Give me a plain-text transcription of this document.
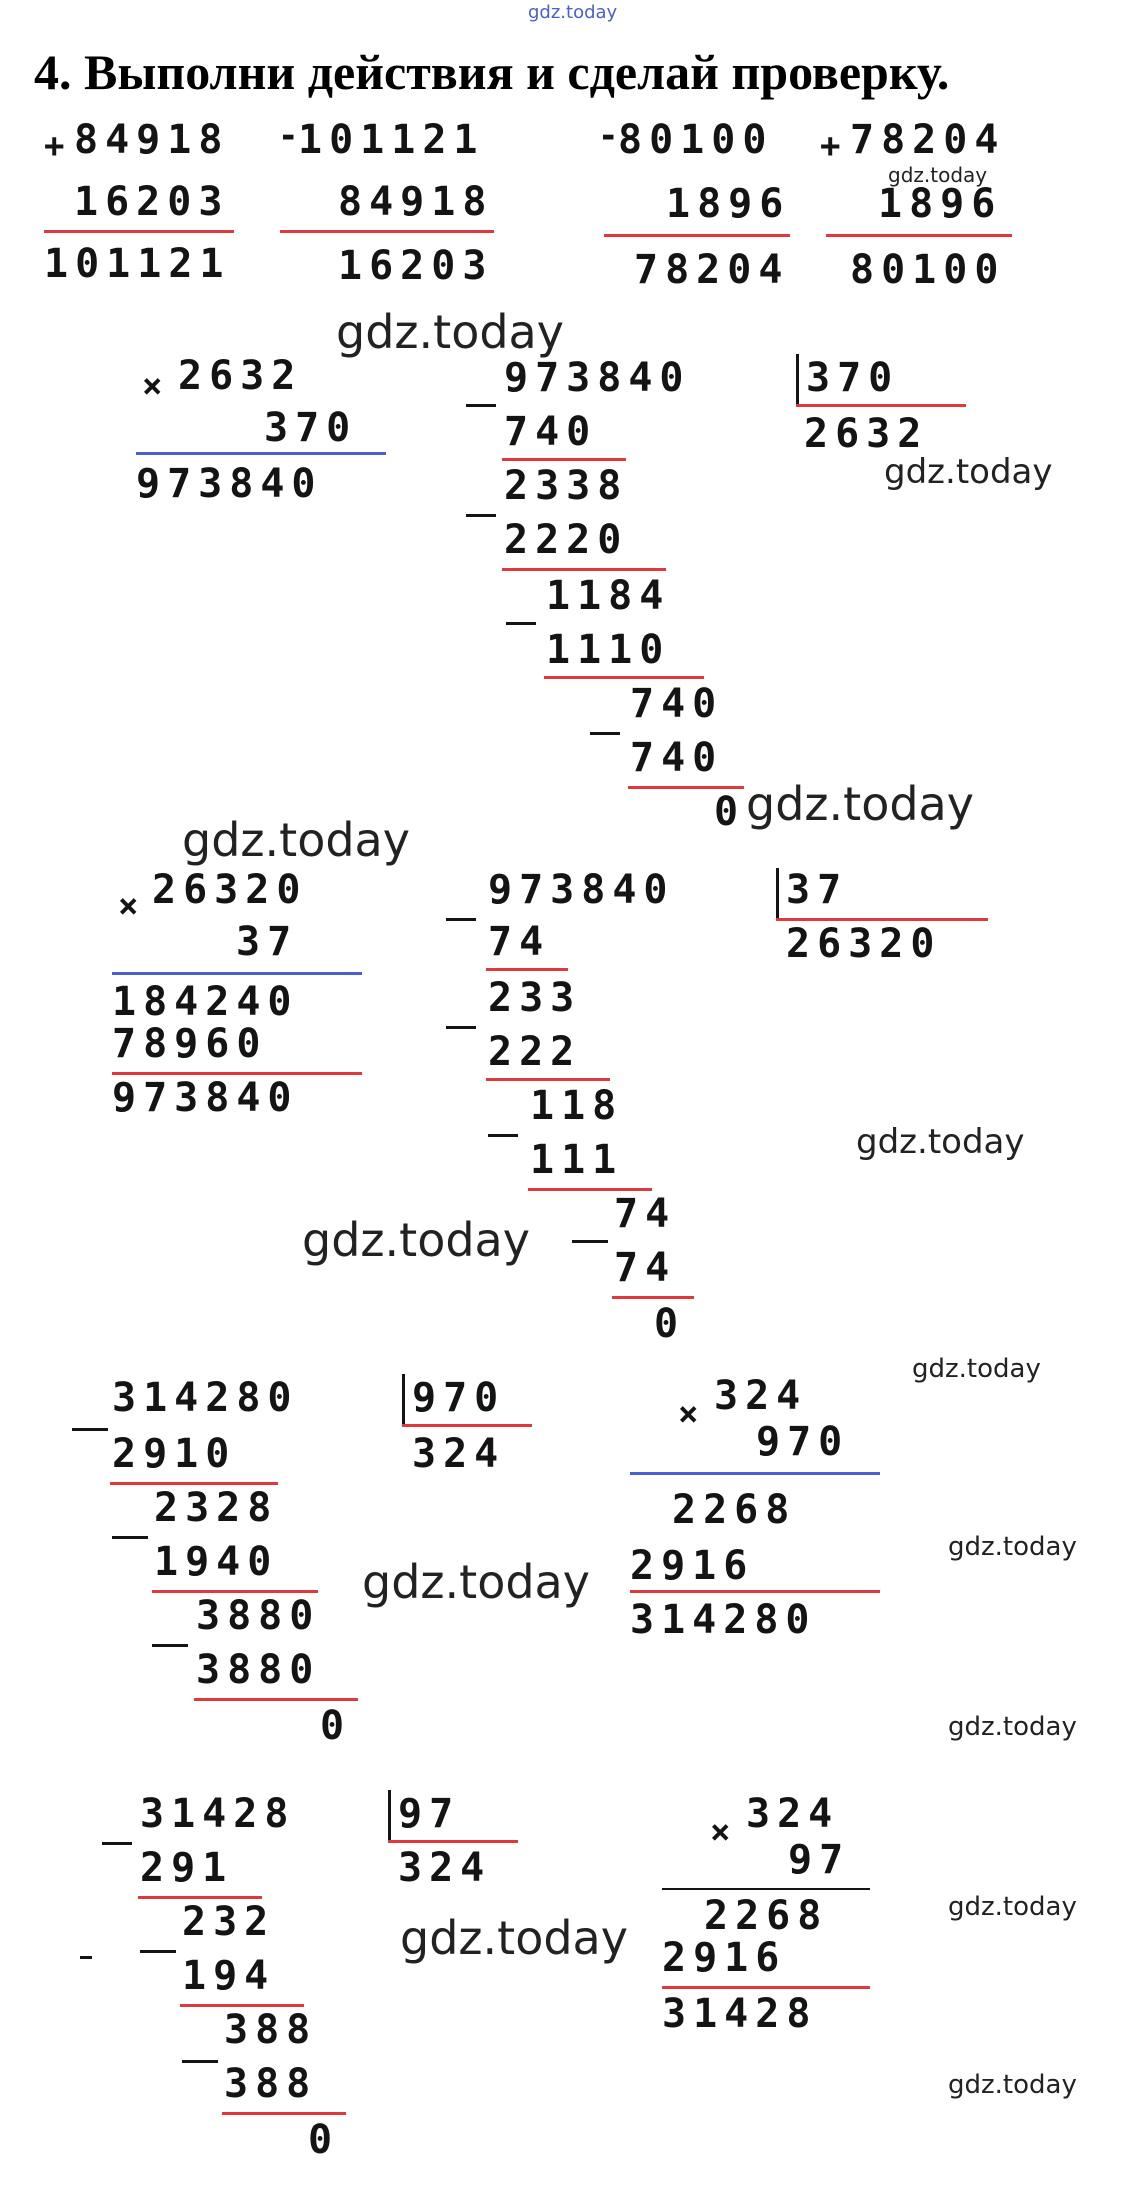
gdz.today
4. Выполни действия и сделай проверку.
+ 84918
16203
101121
- 101121
84918
16203
- 80100
1896
78204
+ 78204
1896
80100
gdz.today
gdz.today
× 2632
370
973840
973840	370
2632
740
2338
2220
1184
1110
740
740
0
gdz.today
gdz.today
gdz.today
× 26320
37
184240
78960
973840
973840	37
26320
74
233
222
118
111
74
74
0
gdz.today
gdz.today
314280	970
324
2910
2328
1940
3880
3880
0
× 324
970
2268
2916
314280
gdz.today
gdz.today
gdz.today
gdz.today
31428	97
324
291
232
194
388
388
0
× 324
97
2268
2916
31428
gdz.today
gdz.today
gdz.today
